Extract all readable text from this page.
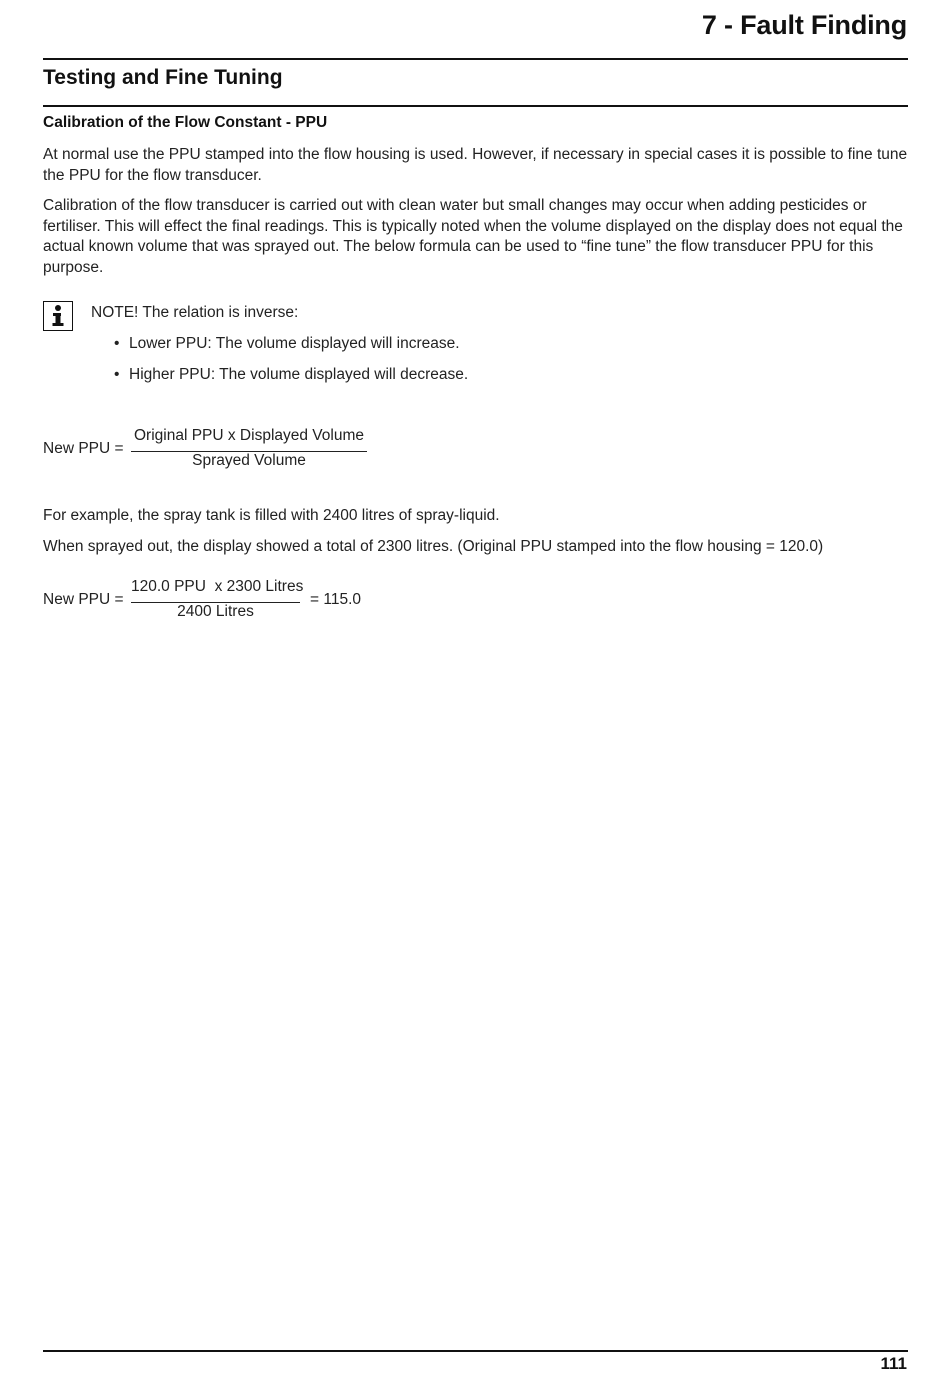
7 - Fault Finding
Testing and Fine Tuning
Calibration of the Flow Constant - PPU
At normal use the PPU stamped into the flow housing is used. However, if necessary in special cases it is possible to fine tune the PPU for the flow transducer.
Calibration of the flow transducer is carried out with clean water but small changes may occur when adding pesticides or fertiliser. This will effect the final readings. This is typically noted when the volume displayed on the display does not equal the actual known volume that was sprayed out. The below formula can be used to “fine tune” the flow transducer PPU for this purpose.
NOTE! The relation is inverse:
• Lower PPU: The volume displayed will increase.
• Higher PPU: The volume displayed will decrease.
New PPU =
Original PPU x Displayed Volume
Sprayed Volume
For example, the spray tank is filled with 2400 litres of spray-liquid.
When sprayed out, the display showed a total of 2300 litres. (Original PPU stamped into the flow housing = 120.0)
New PPU =
120.0 PPU  x 2300 Litres
2400 Litres
= 115.0
111
